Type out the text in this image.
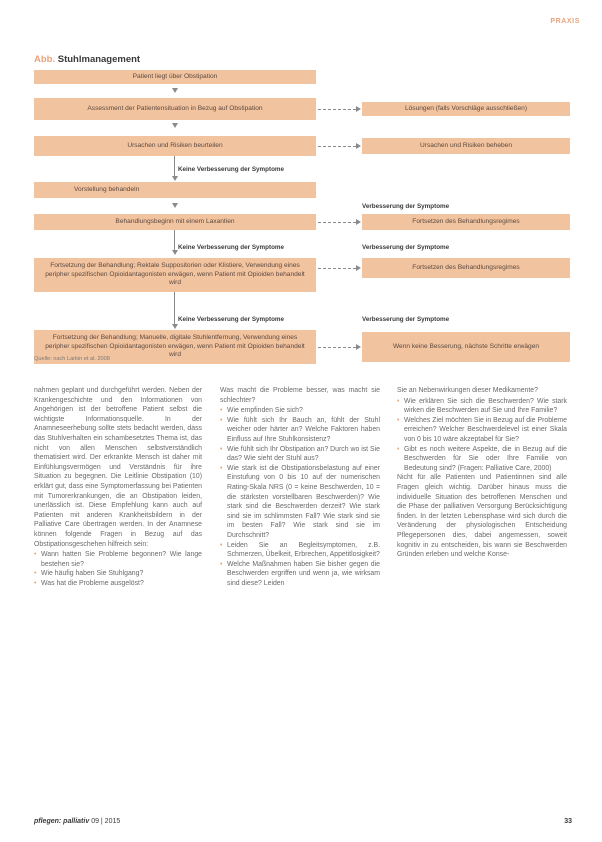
PRAXIS
Abb. Stuhlmanagement
Patient liegt über Obstipation
Assessment der Patientensituation in Bezug auf Obstipation
Ursachen und Risiken beurteilen
Keine Verbesserung der Symptome
Vorstellung behandeln
Behandlungsbeginn mit einem Laxantien
Keine Verbesserung der Symptome
Fortsetzung der Behandlung; Rektale Suppositorien oder Klistiere, Verwendung eines peripher spezifischen Opioidantagonisten erwägen, wenn Patient mit Opioiden behandelt wird
Keine Verbesserung der Symptome
Fortsetzung der Behandlung; Manuelle, digitale Stuhlentfernung, Verwendung eines peripher spezifischen Opioidantagonisten erwägen, wenn Patient mit Opioiden behandelt wird
Lösungen (falls Vorschläge ausschließen)
Ursachen und Risiken beheben
Verbesserung der Symptome
Fortsetzen des Behandlungsregimes
Verbesserung der Symptome
Fortsetzen des Behandlungsregimes
Verbesserung der Symptome
Wenn keine Besserung, nächste Schritte erwägen
Quelle: nach Larkin et al. 2008

nahmen geplant und durchgeführt werden. Neben der Krankengeschichte und den Informationen von Angehörigen ist der betroffene Patient selbst die wichtigste Informationsquelle. In der Anamneseerhebung sollte stets bedacht werden, dass das Stuhlverhalten ein schambesetztes Thema ist, das nicht von allen Menschen selbstverständlich thematisiert wird. Der erkrankte Mensch ist daher mit Einfühlungsvermögen und Verständnis für ihre Situation zu begegnen. Die Leitlinie Obstipation (10) erklärt gut, dass eine Symptomerfassung bei Patienten mit Tumorerkrankungen, die an Obstipation leiden, unerlässlich ist. Diese Empfehlung kann auch auf Patienten mit anderen Krankheitsbildern in der Palliative Care übertragen werden. In der Anamnese können folgende Fragen in Bezug auf das Obstipationsgeschehen hilfreich sein:

• Wann hatten Sie Probleme begonnen? Wie lange bestehen sie?
• Wie häufig haben Sie Stuhlgang?
• Was hat die Probleme ausgelöst?

Was macht die Probleme besser, was macht sie schlechter?

• Wie empfinden Sie sich?
• Wie fühlt sich Ihr Bauch an, fühlt der Stuhl weicher oder härter an? Welche Faktoren haben Einfluss auf Ihre Stuhlkonsistenz?
• Wie fühlt sich Ihr Obstipation an? Durch wo ist Sie das? Wie sieht der Stuhl aus?
• Wie stark ist die Obstipationsbelastung auf einer Einstufung von 0 bis 10 auf der numerischen Rating-Skala NRS (0 = keine Beschwerden, 10 = die stärksten vorstellbaren Beschwerden)? Wie stark sind die Beschwerden derzeit? Wie stark sind sie im schlimmsten Fall? Wie stark sind sie im besten Fall? Wie stark sind sie im Durchschnitt?
• Leiden Sie an Begleitsymptomen, z.B. Schmerzen, Übelkeit, Erbrechen, Appetitlosigkeit?
• Welche Maßnahmen haben Sie bisher gegen die Beschwerden ergriffen und wenn ja, wie wirksam sind diese? Leiden

Sie an Nebenwirkungen dieser Medikamente?

• Wie erklären Sie sich die Beschwerden? Wie stark wirken die Beschwerden auf Sie und Ihre Familie?
• Welches Ziel möchten Sie in Bezug auf die Probleme erreichen? Welcher Beschwerdelevel ist einer Skala von 0 bis 10 wäre akzeptabel für Sie?
• Gibt es noch weitere Aspekte, die in Bezug auf die Beschwerden für Sie oder Ihre Familie von Bedeutung sind? (Fragen: Palliative Care, 2000)

Nicht für alle Patienten und Patientinnen sind alle Fragen gleich wichtig. Darüber hinaus muss die individuelle Situation des betroffenen Menschen und die Phase der palliativen Versorgung Berücksichtigung finden. In der letzten Lebensphase wird sich durch die Veränderung der physiologischen Entscheidung Pflegepersonen dies, dabei angemessen, soweit kognitiv in zu entscheiden, bis wann sie Beschwerden Gründen erleben und welche Konse-

pflegen: palliativ 09 | 2015	33
